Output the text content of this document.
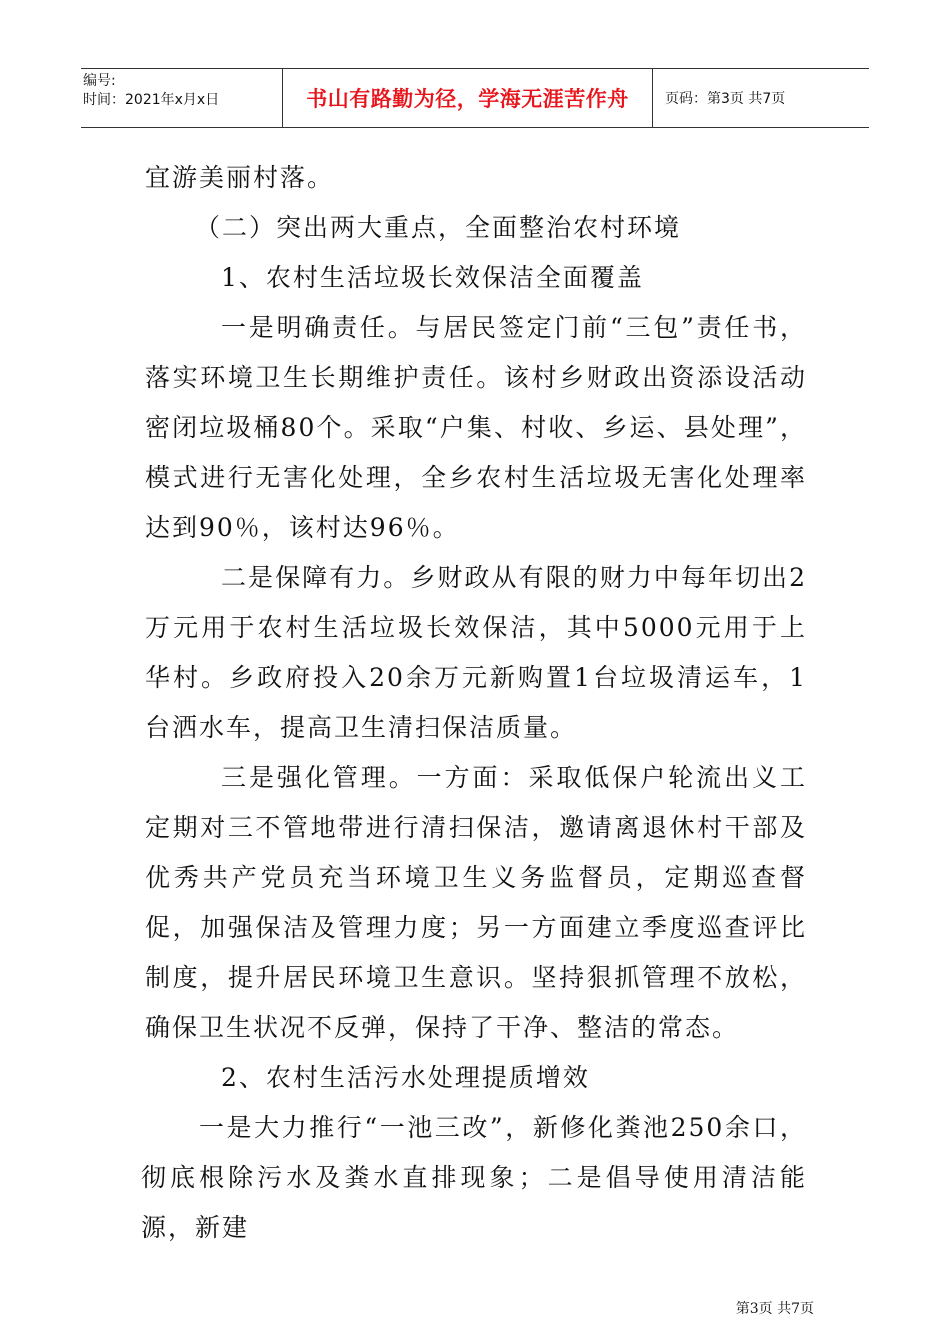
编号:
时间：2021年x月x日	书山有路勤为径，学海无涯苦作舟	页码：第3页 共7页

宜游美丽村落。

（二）突出两大重点，全面整治农村环境

1、农村生活垃圾长效保洁全面覆盖

一是明确责任。与居民签定门前“三包”责任书，落实环境卫生长期维护责任。该村乡财政出资添设活动密闭垃圾桶80个。采取“户集、村收、乡运、县处理”，模式进行无害化处理，全乡农村生活垃圾无害化处理率达到90％，该村达96％。

二是保障有力。乡财政从有限的财力中每年切出2万元用于农村生活垃圾长效保洁，其中5000元用于上华村。乡政府投入20余万元新购置1台垃圾清运车，1台洒水车，提高卫生清扫保洁质量。

三是强化管理。一方面：采取低保户轮流出义工定期对三不管地带进行清扫保洁，邀请离退休村干部及优秀共产党员充当环境卫生义务监督员，定期巡查督促，加强保洁及管理力度；另一方面建立季度巡查评比制度，提升居民环境卫生意识。坚持狠抓管理不放松，确保卫生状况不反弹，保持了干净、整洁的常态。

2、农村生活污水处理提质增效

一是大力推行“一池三改”，新修化粪池250余口，彻底根除污水及粪水直排现象；二是倡导使用清洁能源，新建

第3页 共7页
